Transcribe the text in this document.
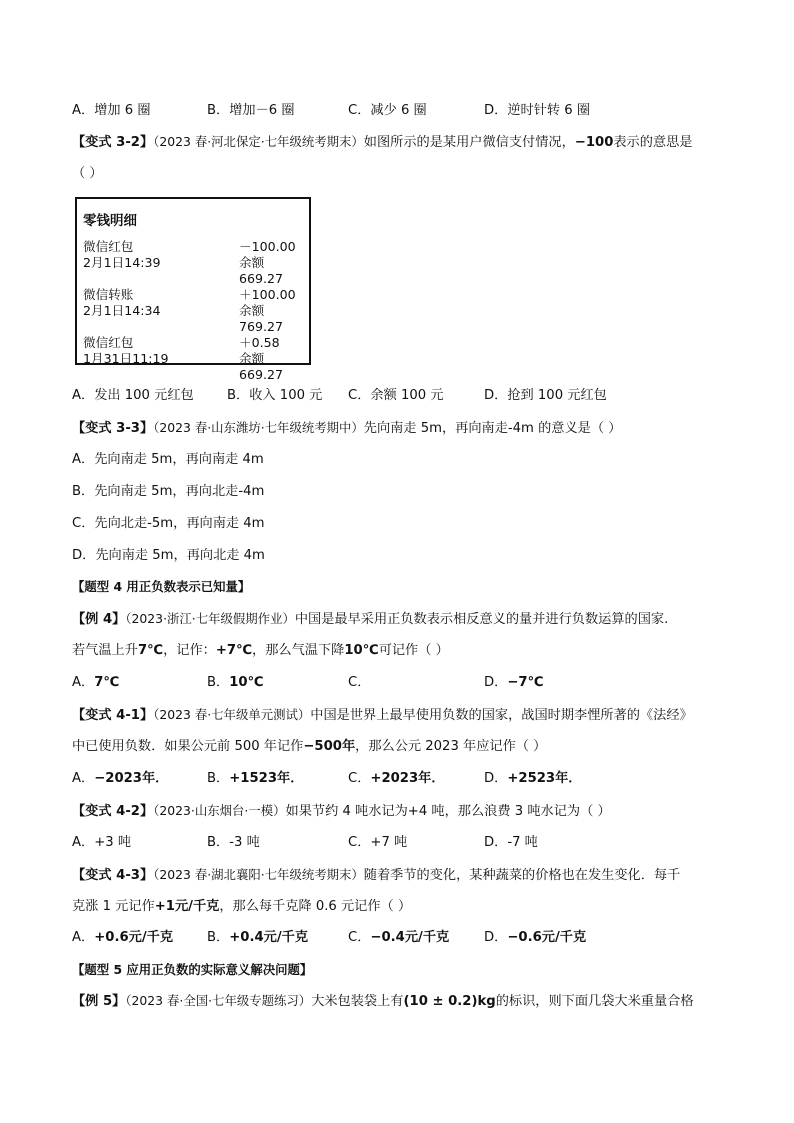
A．增加 6 圈	B．增加－6 圈	C．减少 6 圈	D．逆时针转 6 圈
【变式 3-2】（2023 春·河北保定·七年级统考期末）如图所示的是某用户微信支付情况，−100表示的意思是
（ ）
零钱明细
微信红包	－100.00
2月1日14:39	余额669.27
微信转账	＋100.00
2月1日14:34	余额769.27
微信红包	＋0.58
1月31日11:19	余额669.27
A．发出 100 元红包	B．收入 100 元 C．余额 100 元	D．抢到 100 元红包
【变式 3-3】（2023 春·山东潍坊·七年级统考期中）先向南走 5m，再向南走-4m 的意义是（ ）
A．先向南走 5m，再向南走 4m
B．先向南走 5m，再向北走-4m
C．先向北走-5m，再向南走 4m
D．先向南走 5m，再向北走 4m
【题型 4 用正负数表示已知量】
【例 4】（2023·浙江·七年级假期作业）中国是最早采用正负数表示相反意义的量并进行负数运算的国家.
若气温上升7℃，记作：+7℃，那么气温下降10℃可记作（ ）
A．7℃	B．10℃	C．	D．−7℃
【变式 4-1】（2023 春·七年级单元测试）中国是世界上最早使用负数的国家，战国时期李悝所著的《法经》
中已使用负数．如果公元前 500 年记作−500年，那么公元 2023 年应记作（ ）
A．−2023年．	B．+1523年．	C．+2023年．	D．+2523年．
【变式 4-2】（2023·山东烟台·一模）如果节约 4 吨水记为+4 吨，那么浪费 3 吨水记为（ ）
A．+3 吨	B．-3 吨	C．+7 吨	D．-7 吨
【变式 4-3】（2023 春·湖北襄阳·七年级统考期末）随着季节的变化，某种蔬菜的价格也在发生变化．每千
克涨 1 元记作+1元/千克，那么每千克降 0.6 元记作（ ）
A．+0.6元/千克	B．+0.4元/千克	C．−0.4元/千克	D．−0.6元/千克
【题型 5 应用正负数的实际意义解决问题】
【例 5】（2023 春·全国·七年级专题练习）大米包装袋上有(10 ± 0.2)kg的标识，则下面几袋大米重量合格
